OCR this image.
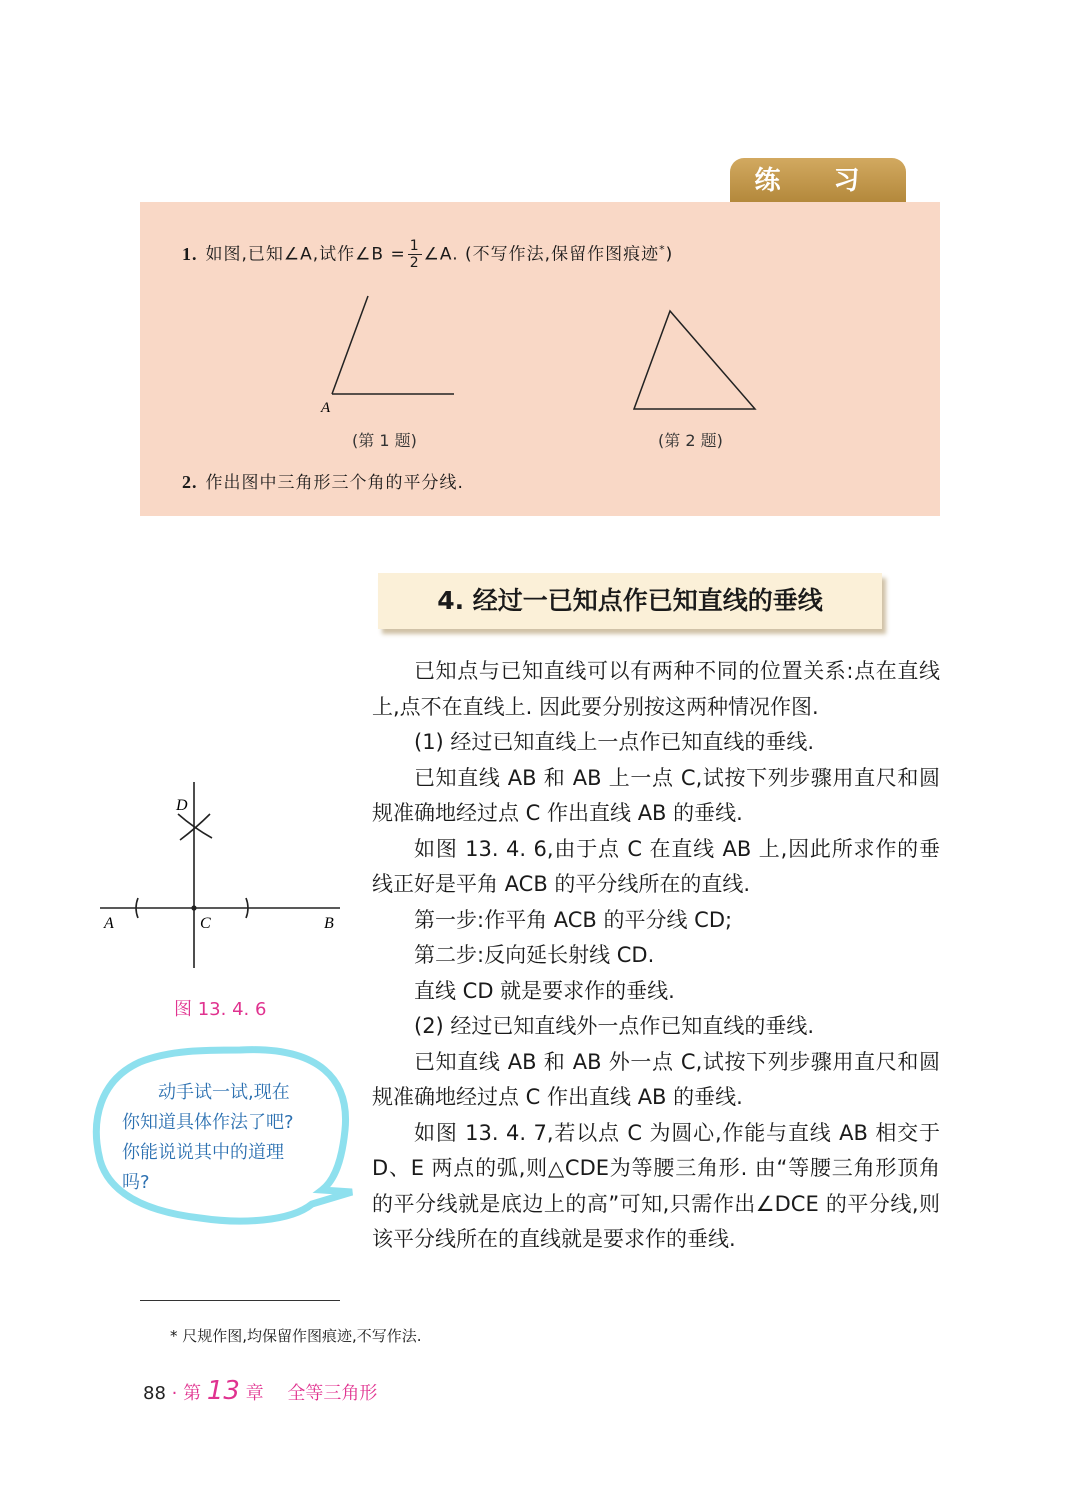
练 习
1. 如图,已知∠A,试作∠B = $\frac{1}{2}$ ∠A. (不写作法,保留作图痕迹*)
A
(第 1 题)	(第 2 题)
2. 作出图中三角形三个角的平分线.
4. 经过一已知点作已知直线的垂线

已知点与已知直线可以有两种不同的位置关系:点在直线上,点不在直线上. 因此要分别按这两种情况作图.

(1) 经过已知直线上一点作已知直线的垂线.

已知直线 AB 和 AB 上一点 C,试按下列步骤用直尺和圆规准确地经过点 C 作出直线 AB 的垂线.

如图 13. 4. 6,由于点 C 在直线 AB 上,因此所求作的垂线正好是平角 ACB 的平分线所在的直线.

第一步:作平角 ACB 的平分线 CD;

第二步:反向延长射线 CD.

直线 CD 就是要求作的垂线.

(2) 经过已知直线外一点作已知直线的垂线.

已知直线 AB 和 AB 外一点 C,试按下列步骤用直尺和圆规准确地经过点 C 作出直线 AB 的垂线.

如图 13. 4. 7,若以点 C 为圆心,作能与直线 AB 相交于 D、E 两点的弧,则△CDE为等腰三角形. 由“等腰三角形顶角的平分线就是底边上的高”可知,只需作出∠DCE 的平分线,则该平分线所在的直线就是要求作的垂线.

D
A	C	B
图 13. 4. 6

动手试一试,现在你知道具体作法了吧? 你能说说其中的道理吗?

* 尺规作图,均保留作图痕迹,不写作法.
88 · 第 13 章 全等三角形
